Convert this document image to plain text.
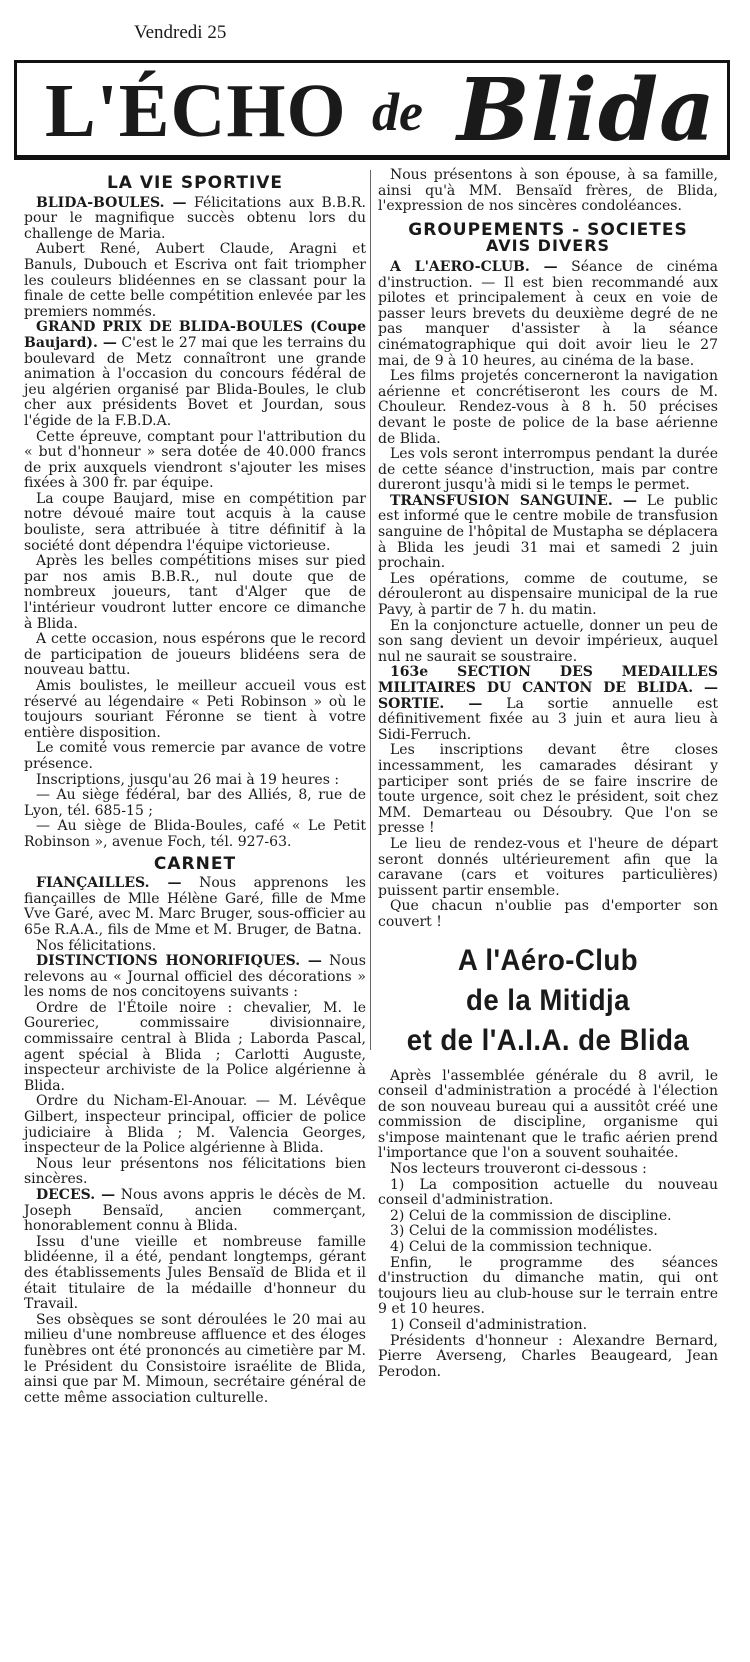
Vendredi 25
L'ÉCHO de Blida
LA VIE SPORTIVE

BLIDA-BOULES. — Félicitations aux B.B.R. pour le magnifique succès obtenu lors du challenge de Maria.

Aubert René, Aubert Claude, Aragni et Banuls, Dubouch et Escriva ont fait triompher les couleurs blidéennes en se classant pour la finale de cette belle compétition enlevée par les premiers nommés.

GRAND PRIX DE BLIDA-BOULES (Coupe Baujard). — C'est le 27 mai que les terrains du boulevard de Metz connaîtront une grande animation à l'occasion du concours fédéral de jeu algérien organisé par Blida-Boules, le club cher aux présidents Bovet et Jourdan, sous l'égide de la F.B.D.A.

Cette épreuve, comptant pour l'attribution du « but d'honneur » sera dotée de 40.000 francs de prix auxquels viendront s'ajouter les mises fixées à 300 fr. par équipe.

La coupe Baujard, mise en compétition par notre dévoué maire tout acquis à la cause bouliste, sera attribuée à titre définitif à la société dont dépendra l'équipe victorieuse.

Après les belles compétitions mises sur pied par nos amis B.B.R., nul doute que de nombreux joueurs, tant d'Alger que de l'intérieur voudront lutter encore ce dimanche à Blida.

A cette occasion, nous espérons que le record de participation de joueurs blidéens sera de nouveau battu.

Amis boulistes, le meilleur accueil vous est réservé au légendaire « Peti Robinson » où le toujours souriant Féronne se tient à votre entière disposition.

Le comité vous remercie par avance de votre présence.

Inscriptions, jusqu'au 26 mai à 19 heures :

— Au siège fédéral, bar des Alliés, 8, rue de Lyon, tél. 685-15 ;

— Au siège de Blida-Boules, café « Le Petit Robinson », avenue Foch, tél. 927-63.

CARNET

FIANÇAILLES. — Nous apprenons les fiançailles de Mlle Hélène Garé, fille de Mme Vve Garé, avec M. Marc Bruger, sous-officier au 65e R.A.A., fils de Mme et M. Bruger, de Batna.

Nos félicitations.

DISTINCTIONS HONORIFIQUES. — Nous relevons au « Journal officiel des décorations » les noms de nos concitoyens suivants :

Ordre de l'Étoile noire : chevalier, M. le Goureriec, commissaire divisionnaire, commissaire central à Blida ; Laborda Pascal, agent spécial à Blida ; Carlotti Auguste, inspecteur archiviste de la Police algérienne à Blida.

Ordre du Nicham-El-Anouar. — M. Lévêque Gilbert, inspecteur principal, officier de police judiciaire à Blida ; M. Valencia Georges, inspecteur de la Police algérienne à Blida.

Nous leur présentons nos félicitations bien sincères.

DECES. — Nous avons appris le décès de M. Joseph Bensaïd, ancien commerçant, honorablement connu à Blida.

Issu d'une vieille et nombreuse famille blidéenne, il a été, pendant longtemps, gérant des établissements Jules Bensaïd de Blida et il était titulaire de la médaille d'honneur du Travail.

Ses obsèques se sont déroulées le 20 mai au milieu d'une nombreuse affluence et des éloges funèbres ont été prononcés au cimetière par M. le Président du Consistoire israélite de Blida, ainsi que par M. Mimoun, secrétaire général de cette même association culturelle.

Nous présentons à son épouse, à sa famille, ainsi qu'à MM. Bensaïd frères, de Blida, l'expression de nos sincères condoléances.

GROUPEMENTS - SOCIETES
AVIS DIVERS

A L'AERO-CLUB. — Séance de cinéma d'instruction. — Il est bien recommandé aux pilotes et principalement à ceux en voie de passer leurs brevets du deuxième degré de ne pas manquer d'assister à la séance cinématographique qui doit avoir lieu le 27 mai, de 9 à 10 heures, au cinéma de la base.

Les films projetés concerneront la navigation aérienne et concrétiseront les cours de M. Chouleur. Rendez-vous à 8 h. 50 précises devant le poste de police de la base aérienne de Blida.

Les vols seront interrompus pendant la durée de cette séance d'instruction, mais par contre dureront jusqu'à midi si le temps le permet.

TRANSFUSION SANGUINE. — Le public est informé que le centre mobile de transfusion sanguine de l'hôpital de Mustapha se déplacera à Blida les jeudi 31 mai et samedi 2 juin prochain.

Les opérations, comme de coutume, se dérouleront au dispensaire municipal de la rue Pavy, à partir de 7 h. du matin.

En la conjoncture actuelle, donner un peu de son sang devient un devoir impérieux, auquel nul ne saurait se soustraire.

163e SECTION DES MEDAILLES MILITAIRES DU CANTON DE BLIDA. — SORTIE. — La sortie annuelle est définitivement fixée au 3 juin et aura lieu à Sidi-Ferruch.

Les inscriptions devant être closes incessamment, les camarades désirant y participer sont priés de se faire inscrire de toute urgence, soit chez le président, soit chez MM. Demarteau ou Désoubry. Que l'on se presse !

Le lieu de rendez-vous et l'heure de départ seront donnés ultérieurement afin que la caravane (cars et voitures particulières) puissent partir ensemble.

Que chacun n'oublie pas d'emporter son couvert !

A l'Aéro-Club
de la Mitidja
et de l'A.I.A. de Blida

Après l'assemblée générale du 8 avril, le conseil d'administration a procédé à l'élection de son nouveau bureau qui a aussitôt créé une commission de discipline, organisme qui s'impose maintenant que le trafic aérien prend l'importance que l'on a souvent souhaitée.

Nos lecteurs trouveront ci-dessous :

1) La composition actuelle du nouveau conseil d'administration.

2) Celui de la commission de discipline.

3) Celui de la commission modélistes.

4) Celui de la commission technique.

Enfin, le programme des séances d'instruction du dimanche matin, qui ont toujours lieu au club-house sur le terrain entre 9 et 10 heures.

1) Conseil d'administration.

Présidents d'honneur : Alexandre Bernard, Pierre Averseng, Charles Beaugeard, Jean Perodon.
